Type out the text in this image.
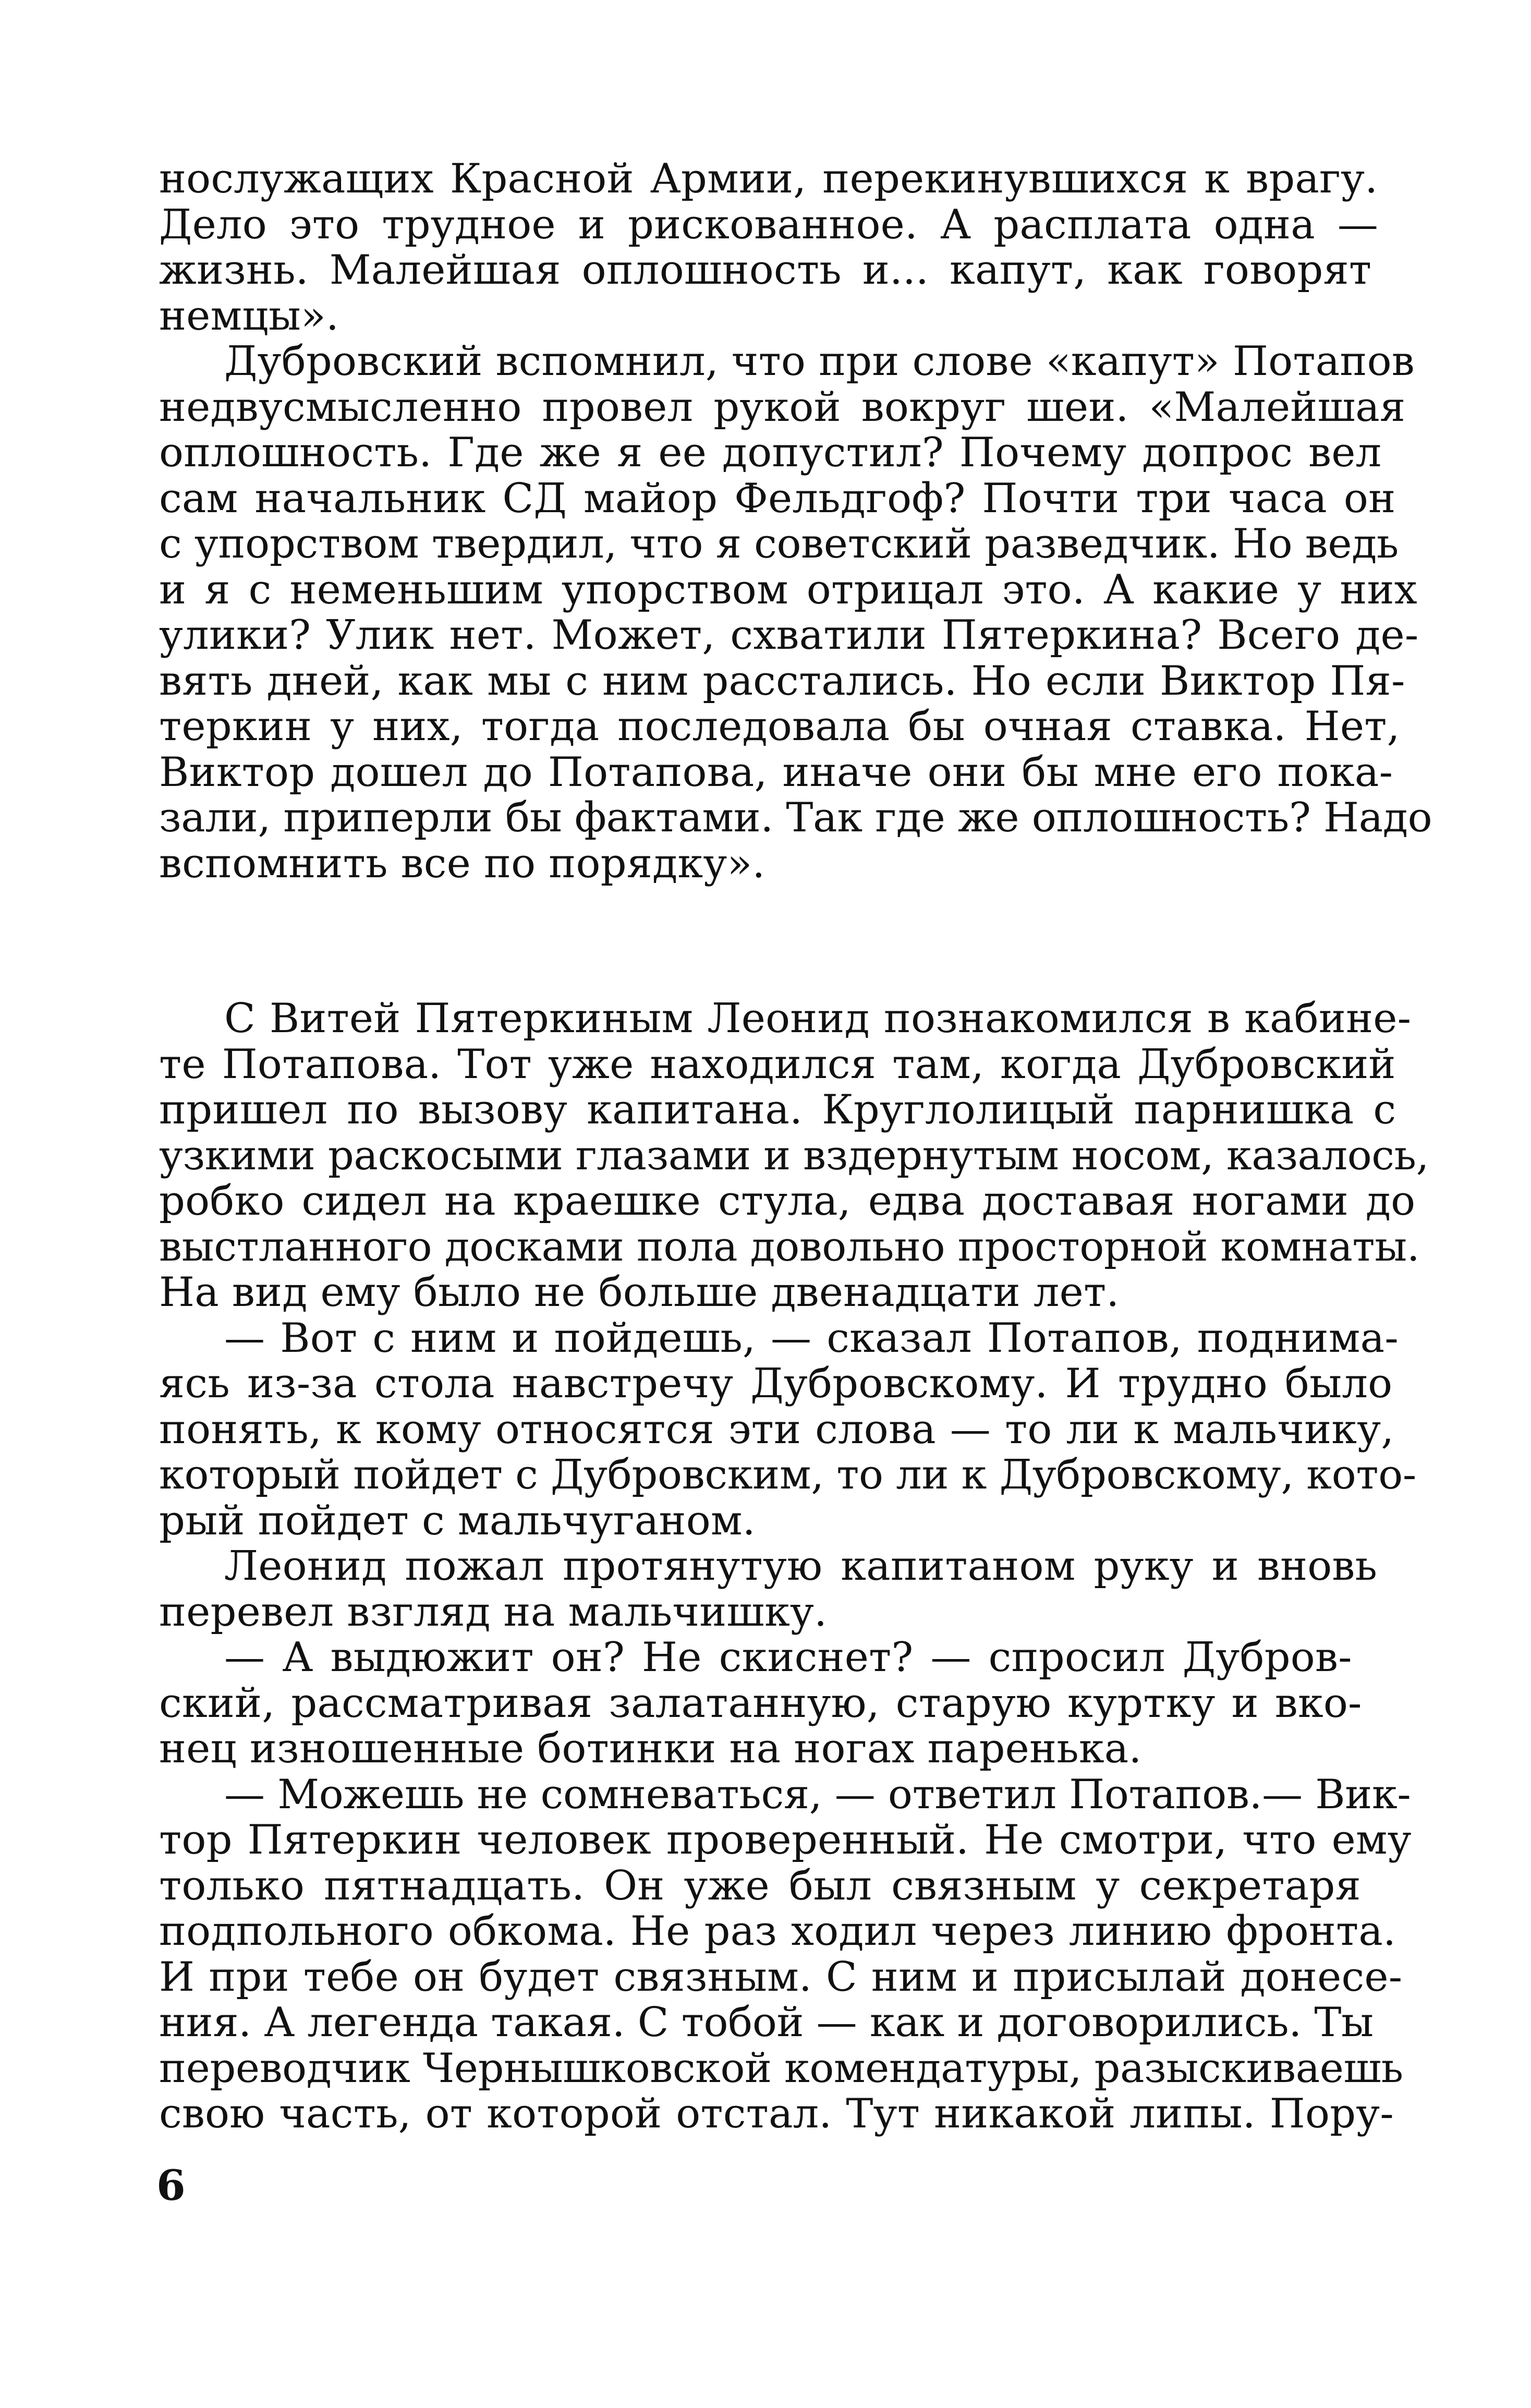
нослужащих Красной Армии, перекинувшихся к врагу.
Дело это трудное и рискованное. А расплата одна —
жизнь. Малейшая оплошность и... капут, как говорят
немцы».
Дубровский вспомнил, что при слове «капут» Потапов
недвусмысленно провел рукой вокруг шеи. «Малейшая
оплошность. Где же я ее допустил? Почему допрос вел
сам начальник СД майор Фельдгоф? Почти три часа он
с упорством твердил, что я советский разведчик. Но ведь
и я с неменьшим упорством отрицал это. А какие у них
улики? Улик нет. Может, схватили Пятеркина? Всего де-
вять дней, как мы с ним расстались. Но если Виктор Пя-
теркин у них, тогда последовала бы очная ставка. Нет,
Виктор дошел до Потапова, иначе они бы мне его пока-
зали, приперли бы фактами. Так где же оплошность? Надо
вспомнить все по порядку».
С Витей Пятеркиным Леонид познакомился в кабине-
те Потапова. Тот уже находился там, когда Дубровский
пришел по вызову капитана. Круглолицый парнишка с
узкими раскосыми глазами и вздернутым носом, казалось,
робко сидел на краешке стула, едва доставая ногами до
выстланного досками пола довольно просторной комнаты.
На вид ему было не больше двенадцати лет.
— Вот с ним и пойдешь, — сказал Потапов, поднима-
ясь из-за стола навстречу Дубровскому. И трудно было
понять, к кому относятся эти слова — то ли к мальчику,
который пойдет с Дубровским, то ли к Дубровскому, кото-
рый пойдет с мальчуганом.
Леонид пожал протянутую капитаном руку и вновь
перевел взгляд на мальчишку.
— А выдюжит он? Не скиснет? — спросил Дубров-
ский, рассматривая залатанную, старую куртку и вко-
нец изношенные ботинки на ногах паренька.
— Можешь не сомневаться, — ответил Потапов.— Вик-
тор Пятеркин человек проверенный. Не смотри, что ему
только пятнадцать. Он уже был связным у секретаря
подпольного обкома. Не раз ходил через линию фронта.
И при тебе он будет связным. С ним и присылай донесе-
ния. А легенда такая. С тобой — как и договорились. Ты
переводчик Чернышковской комендатуры, разыскиваешь
свою часть, от которой отстал. Тут никакой липы. Пору-
6
